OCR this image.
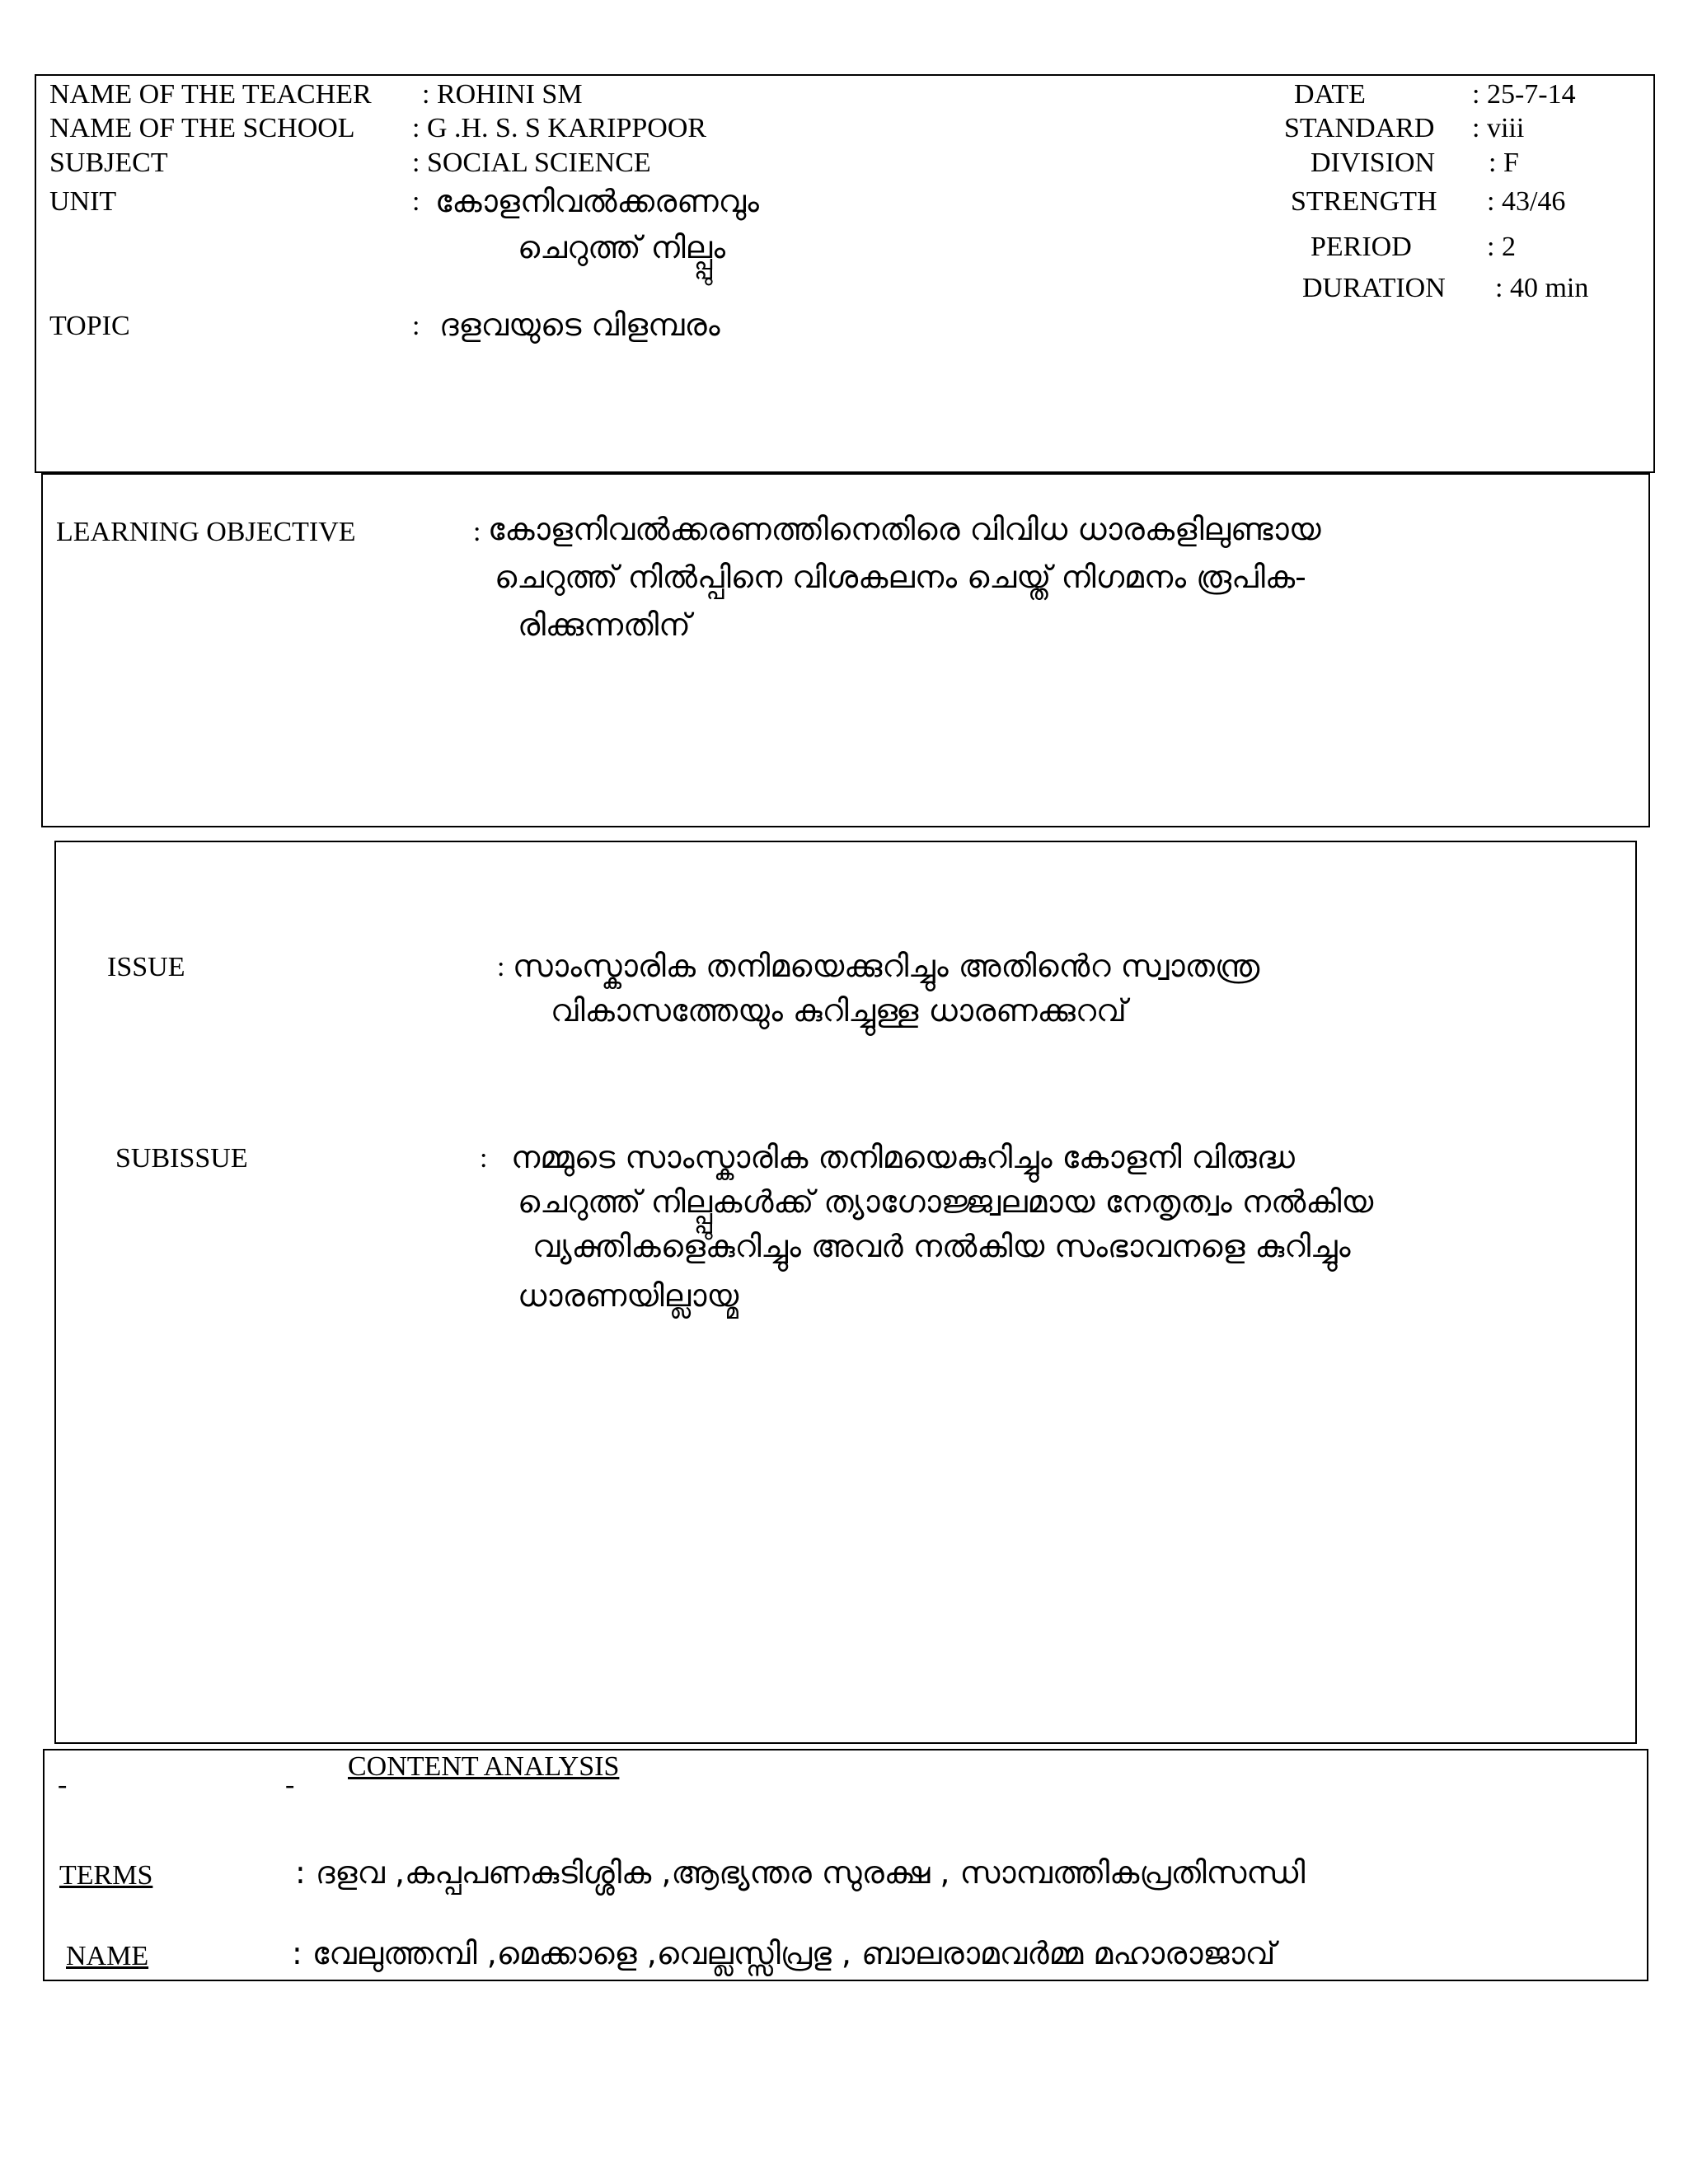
NAME OF THE TEACHER : ROHINI SM
NAME OF THE SCHOOL : G .H. S. S KARIPPOOR
SUBJECT	: SOCIAL SCIENCE
UNIT	: കോളനിവൽക്കരണവും
ചെറുത്ത് നില്പ്പും
TOPIC	: ദളവയുടെ വിളമ്പരം
DATE	: 25-7-14
STANDARD : viii
DIVISION : F
STRENGTH : 43/46
PERIOD	: 2
DURATION : 40 min
LEARNING OBJECTIVE	: കോളനിവൽക്കരണത്തിനെതിരെ വിവിധ ധാരകളിലുണ്ടായ
ചെറുത്ത് നിൽപ്പിനെ വിശകലനം ചെയ്ത് നിഗമനം രൂപിക-
രിക്കുന്നതിന്
ISSUE	: സാംസ്കാരിക തനിമയെക്കുറിച്ചും അതിൻെറ സ്വാതന്ത്ര
വികാസത്തേയും കുറിച്ചുള്ള ധാരണക്കുറവ്
SUBISSUE	: നമ്മുടെ സാംസ്കാരിക തനിമയെകുറിച്ചും കോളനി വിരുദ്ധ
ചെറുത്ത് നില്പ്പുകൾക്ക് ത്യാഗോജ്ജ്വലമായ നേതൃത്വം നൽകിയ
വ്യക്തികളെകുറിച്ചും അവർ നൽകിയ സംഭാവനളെ കുറിച്ചും
ധാരണയില്ലായ്മ
-	-
CONTENT ANALYSIS
TERMS	: ദളവ ,കപ്പപണകുടിശ്ശിക ,ആഭ്യന്തര സുരക്ഷ , സാമ്പത്തികപ്രതിസന്ധി
NAME	: വേലുത്തമ്പി ,മെക്കാളെ ,വെല്ലസ്സിപ്രഭു , ബാലരാമവർമ്മ മഹാരാജാവ്
